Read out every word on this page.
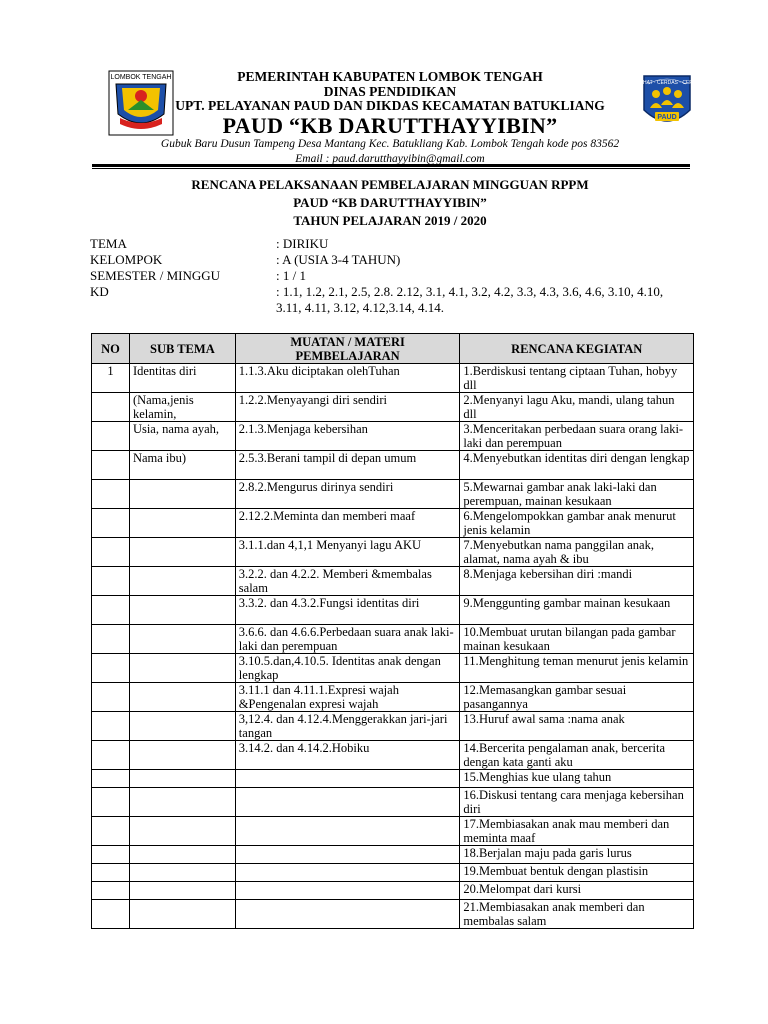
LOMBOK TENGAH
SEHAT · CERDAS · CERIA
PAUD
PEMERINTAH KABUPATEN LOMBOK TENGAH
DINAS PENDIDIKAN
UPT. PELAYANAN PAUD DAN DIKDAS KECAMATAN BATUKLIANG
PAUD “KB DARUTTHAYYIBIN”
Gubuk Baru Dusun Tampeng Desa Mantang Kec. Batukliang Kab. Lombok Tengah kode pos 83562
Email : paud.darutthayyibin@gmail.com
RENCANA PELAKSANAAN PEMBELAJARAN MINGGUAN RPPM
PAUD “KB DARUTTHAYYIBIN”
TAHUN PELAJARAN 2019 / 2020
TEMA	: DIRIKU
KELOMPOK	: A (USIA 3-4 TAHUN)
SEMESTER / MINGGU	: 1 / 1
KD	: 1.1, 1.2, 2.1, 2.5, 2.8. 2.12, 3.1, 4.1, 3.2, 4.2, 3.3, 4.3, 3.6, 4.6, 3.10, 4.10, 3.11, 4.11, 3.12, 4.12,3.14, 4.14.
NO	SUB TEMA	MUATAN / MATERI PEMBELAJARAN	RENCANA KEGIATAN
1	Identitas diri	1.1.3.Aku diciptakan olehTuhan	1.Berdiskusi tentang ciptaan Tuhan, hobyy dll
	(Nama,jenis kelamin,	1.2.2.Menyayangi diri sendiri	2.Menyanyi lagu Aku, mandi, ulang tahun dll
	Usia, nama ayah,	2.1.3.Menjaga kebersihan	3.Menceritakan perbedaan suara orang laki-laki dan perempuan
	Nama ibu)	2.5.3.Berani tampil di depan umum	4.Menyebutkan identitas diri dengan lengkap
		2.8.2.Mengurus dirinya sendiri	5.Mewarnai gambar anak laki-laki dan perempuan, mainan kesukaan
		2.12.2.Meminta dan memberi maaf	6.Mengelompokkan gambar anak menurut jenis kelamin
		3.1.1.dan 4,1,1 Menyanyi lagu AKU	7.Menyebutkan nama panggilan anak, alamat, nama ayah & ibu
		3.2.2. dan 4.2.2. Memberi &membalas salam	8.Menjaga kebersihan diri :mandi
		3.3.2. dan 4.3.2.Fungsi identitas diri	9.Menggunting gambar mainan kesukaan
		3.6.6. dan 4.6.6.Perbedaan suara anak laki-laki dan perempuan	10.Membuat urutan bilangan pada gambar mainan kesukaan
		3.10.5.dan,4.10.5. Identitas anak dengan lengkap	11.Menghitung teman menurut jenis kelamin
		3.11.1 dan 4.11.1.Expresi wajah &Pengenalan expresi wajah	12.Memasangkan gambar sesuai pasangannya
		3,12.4. dan 4.12.4.Menggerakkan jari-jari tangan	13.Huruf awal sama :nama anak
		3.14.2. dan 4.14.2.Hobiku	14.Bercerita pengalaman anak, bercerita dengan kata ganti aku
			15.Menghias kue ulang tahun
			16.Diskusi tentang cara menjaga kebersihan diri
			17.Membiasakan anak mau memberi dan meminta maaf
			18.Berjalan maju pada garis lurus
			19.Membuat bentuk dengan plastisin
			20.Melompat dari kursi
			21.Membiasakan anak memberi dan membalas salam
